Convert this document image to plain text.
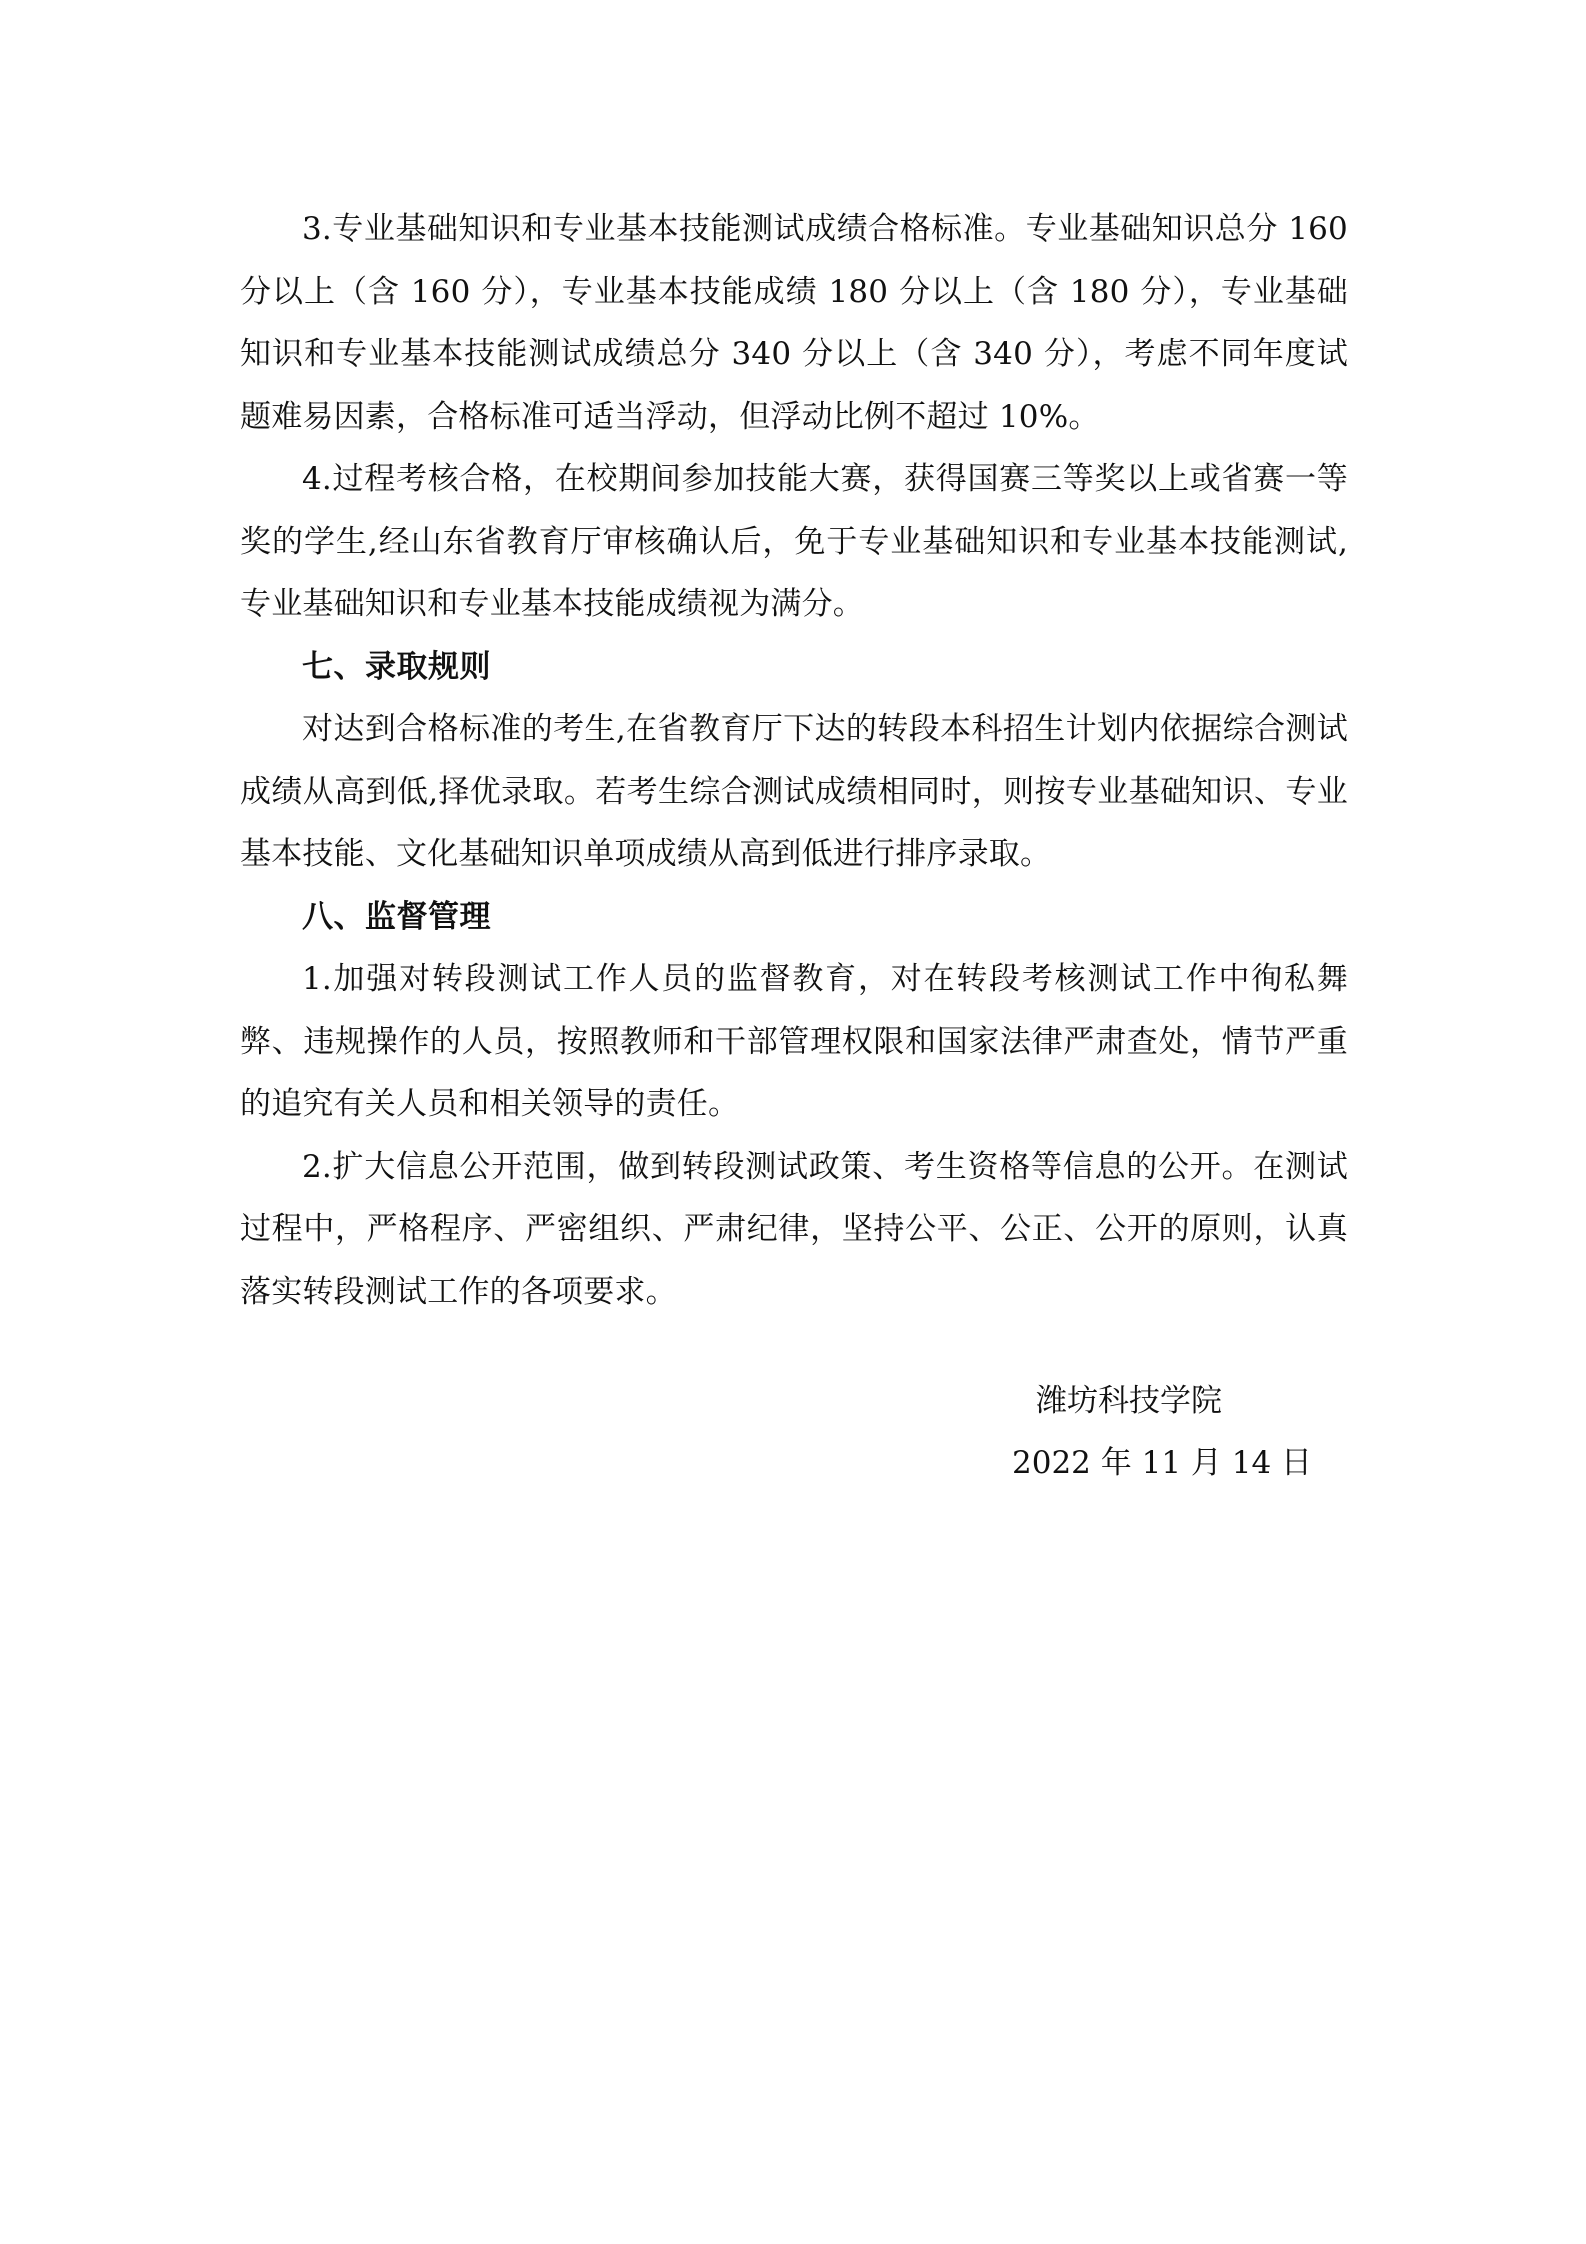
3.专业基础知识和专业基本技能测试成绩合格标准。专业基础知识总分 160 分以上（含 160 分），专业基本技能成绩 180 分以上（含 180 分），专业基础知识和专业基本技能测试成绩总分 340 分以上（含 340 分），考虑不同年度试题难易因素，合格标准可适当浮动，但浮动比例不超过 10%。

4.过程考核合格，在校期间参加技能大赛，获得国赛三等奖以上或省赛一等奖的学生,经山东省教育厅审核确认后，免于专业基础知识和专业基本技能测试,专业基础知识和专业基本技能成绩视为满分。

七、录取规则

对达到合格标准的考生,在省教育厅下达的转段本科招生计划内依据综合测试成绩从高到低,择优录取。若考生综合测试成绩相同时，则按专业基础知识、专业基本技能、文化基础知识单项成绩从高到低进行排序录取。

八、监督管理

1.加强对转段测试工作人员的监督教育，对在转段考核测试工作中徇私舞弊、违规操作的人员，按照教师和干部管理权限和国家法律严肃查处，情节严重的追究有关人员和相关领导的责任。

2.扩大信息公开范围，做到转段测试政策、考生资格等信息的公开。在测试过程中，严格程序、严密组织、严肃纪律，坚持公平、公正、公开的原则，认真落实转段测试工作的各项要求。

潍坊科技学院

2022 年 11 月 14 日
